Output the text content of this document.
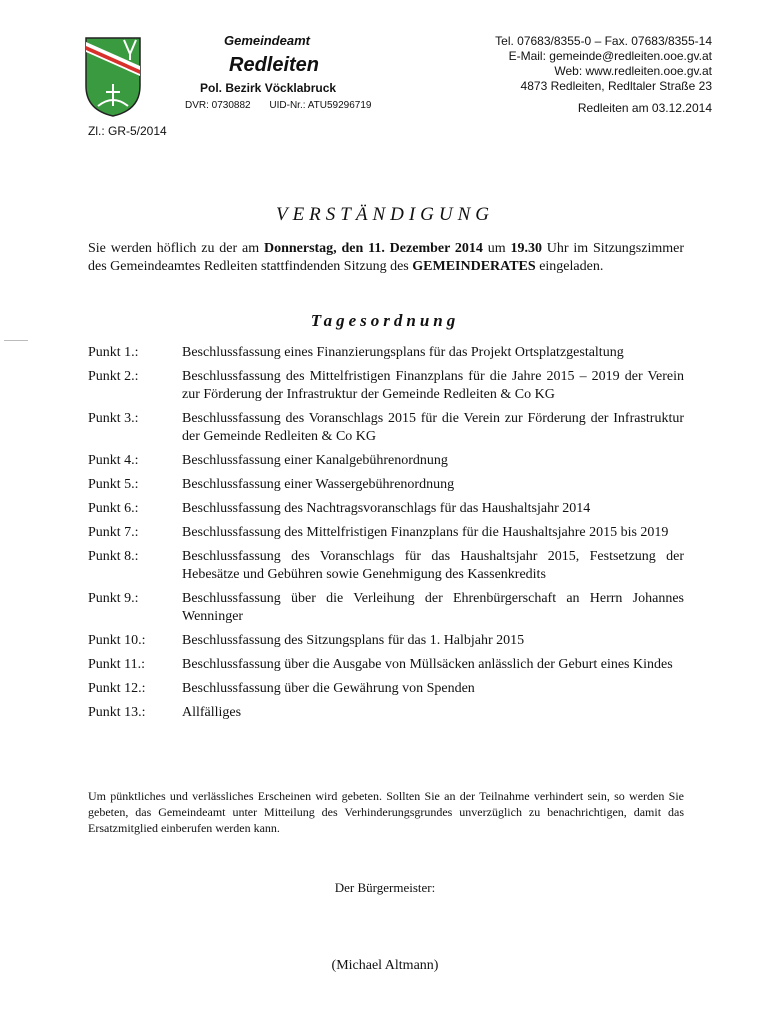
Gemeindeamt
Redleiten
Pol. Bezirk Vöcklabruck
DVR: 0730882 UID-Nr.: ATU59296719
Tel. 07683/8355-0 – Fax. 07683/8355-14
E-Mail: gemeinde@redleiten.ooe.gv.at
Web: www.redleiten.ooe.gv.at
4873 Redleiten, Redltaler Straße 23
Redleiten am 03.12.2014
Zl.: GR-5/2014
VERSTÄNDIGUNG
Sie werden höflich zu der am Donnerstag, den 11. Dezember 2014 um 19.30 Uhr im Sitzungszimmer des Gemeindeamtes Redleiten stattfindenden Sitzung des GEMEINDERATES eingeladen.
Tagesordnung
Punkt 1.:	Beschlussfassung eines Finanzierungsplans für das Projekt Ortsplatzgestaltung
Punkt 2.:	Beschlussfassung des Mittelfristigen Finanzplans für die Jahre 2015 – 2019 der Verein zur Förderung der Infrastruktur der Gemeinde Redleiten & Co KG
Punkt 3.:	Beschlussfassung des Voranschlags 2015 für die Verein zur Förderung der Infrastruktur der Gemeinde Redleiten & Co KG
Punkt 4.:	Beschlussfassung einer Kanalgebührenordnung
Punkt 5.:	Beschlussfassung einer Wassergebührenordnung
Punkt 6.:	Beschlussfassung des Nachtragsvoranschlags für das Haushaltsjahr 2014
Punkt 7.:	Beschlussfassung des Mittelfristigen Finanzplans für die Haushaltsjahre 2015 bis 2019
Punkt 8.:	Beschlussfassung des Voranschlags für das Haushaltsjahr 2015, Festsetzung der Hebesätze und Gebühren sowie Genehmigung des Kassenkredits
Punkt 9.:	Beschlussfassung über die Verleihung der Ehrenbürgerschaft an Herrn Johannes Wenninger
Punkt 10.:	Beschlussfassung des Sitzungsplans für das 1. Halbjahr 2015
Punkt 11.:	Beschlussfassung über die Ausgabe von Müllsäcken anlässlich der Geburt eines Kindes
Punkt 12.:	Beschlussfassung über die Gewährung von Spenden
Punkt 13.:	Allfälliges
Um pünktliches und verlässliches Erscheinen wird gebeten. Sollten Sie an der Teilnahme verhindert sein, so werden Sie gebeten, das Gemeindeamt unter Mitteilung des Verhinderungsgrundes unverzüglich zu benachrichtigen, damit das Ersatzmitglied einberufen werden kann.
Der Bürgermeister:
(Michael Altmann)
